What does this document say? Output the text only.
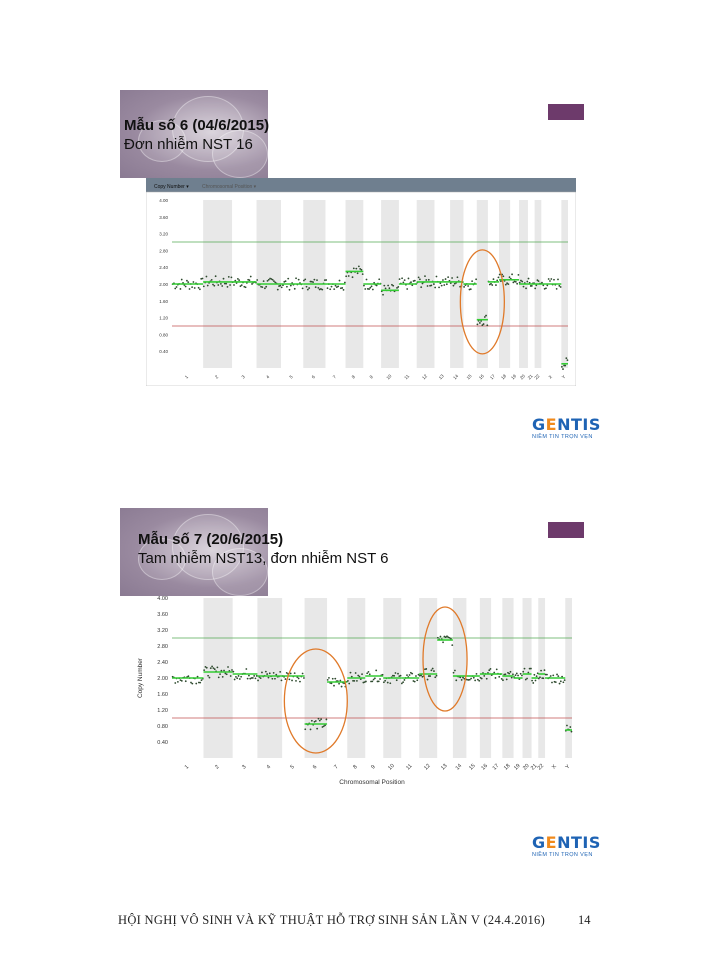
Mẫu số 6 (04/6/2015)
Đơn nhiễm NST 16
Copy Number ▾	Chromosomal Position ▾
4.00
3.60
3.20
2.80
2.40
2.00
1.60
1.20
0.80
0.40
1	2	3	4	5	6	7	8	9	10 11 12 13 14 15 16 17 18 19 20 21 22 X Y
GENTIS
NIỀM TIN TRỌN VẸN
Mẫu số 7 (20/6/2015)
Tam nhiễm NST13, đơn nhiễm NST 6
4.00
3.60
3.20
2.80
2.40
2.00
1.60
1.20
0.80
0.40
1	2	3	4	5	6	7 8 9 10 11 12 13 14 15 16 17 18 19 20 21
22 X Y
Copy Number
Chromosomal Position
GENTIS
NIỀM TIN TRỌN VẸN
HỘI NGHỊ VÔ SINH VÀ KỸ THUẬT HỖ TRỢ SINH SẢN LẦN V (24.4.2016)	14
